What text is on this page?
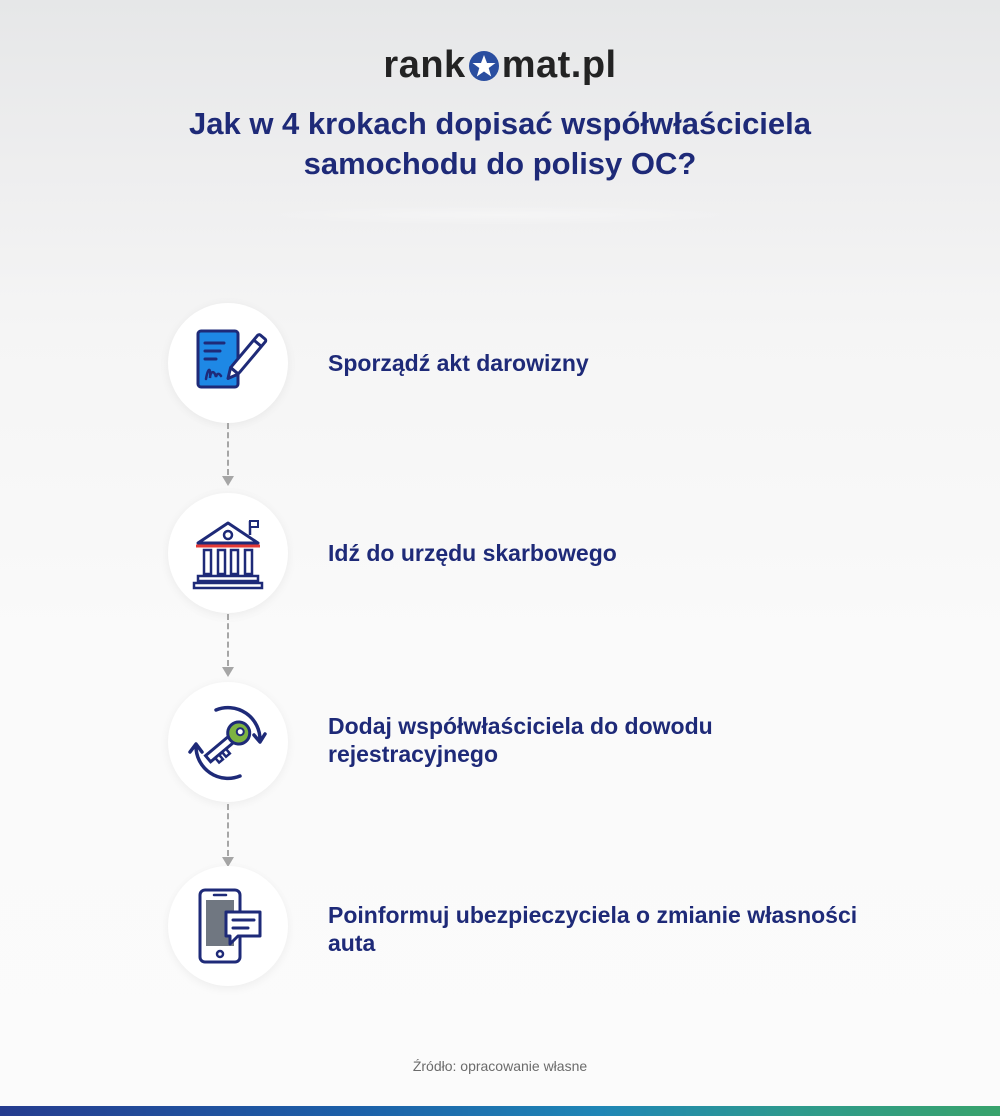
rank mat.pl
Jak w 4 krokach dopisać współwłaściciela
samochodu do polisy OC?
Sporządź akt darowizny
Idź do urzędu skarbowego
Dodaj współwłaściciela do dowodu rejestracyjnego
Poinformuj ubezpieczyciela o zmianie własności auta
Źródło: opracowanie własne
